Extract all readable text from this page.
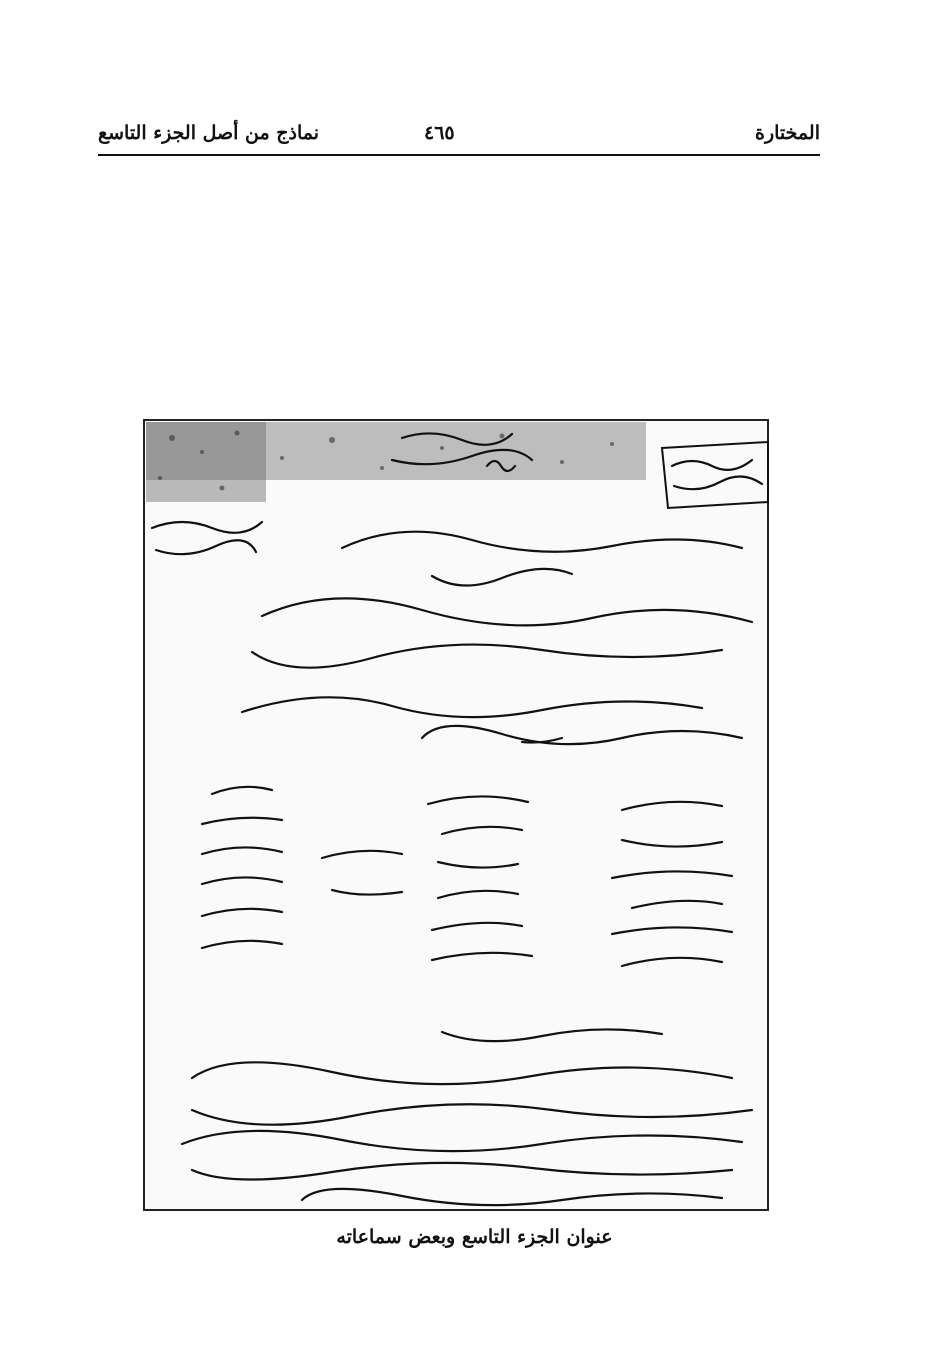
المختارة
٤٦٥
نماذج من أصل الجزء التاسع
عنوان الجزء التاسع وبعض سماعاته
